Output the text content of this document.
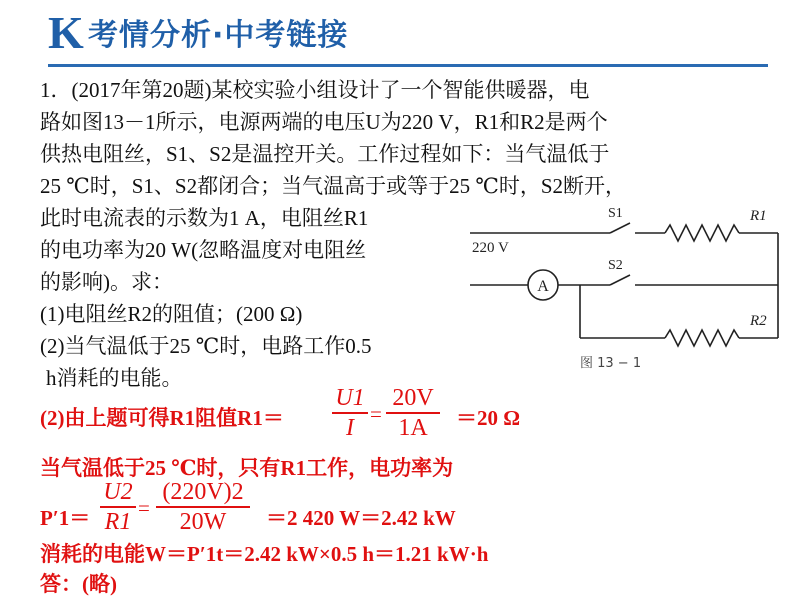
K 考情分析·中考链接
1．(2017年第20题)某校实验小组设计了一个智能供暖器，电
路如图13－1所示，电源两端的电压U为220 V，R1和R2是两个
供热电阻丝，S1、S2是温控开关。工作过程如下：当气温低于
25 ℃时，S1、S2都闭合；当气温高于或等于25 ℃时，S2断开，
此时电流表的示数为1 A，电阻丝R1
的电功率为20 W(忽略温度对电阻丝
的影响)。求：
(1)电阻丝R2的阻值；(200 Ω)
(2)当气温低于25 ℃时，电路工作0.5
h消耗的电能。
A
220 V
S1
S2
R1
R2
图 13 − 1
(2)由上题可得R1阻值R1＝
U1
I
=
20V
1A	＝20 Ω
当气温低于25 ℃时，只有R1工作，电功率为
P′1＝
U2
R1
=
(220V)2
20W	＝2 420 W＝2.42 kW
消耗的电能W＝P′1t＝2.42 kW×0.5 h＝1.21 kW·h
答：(略)
